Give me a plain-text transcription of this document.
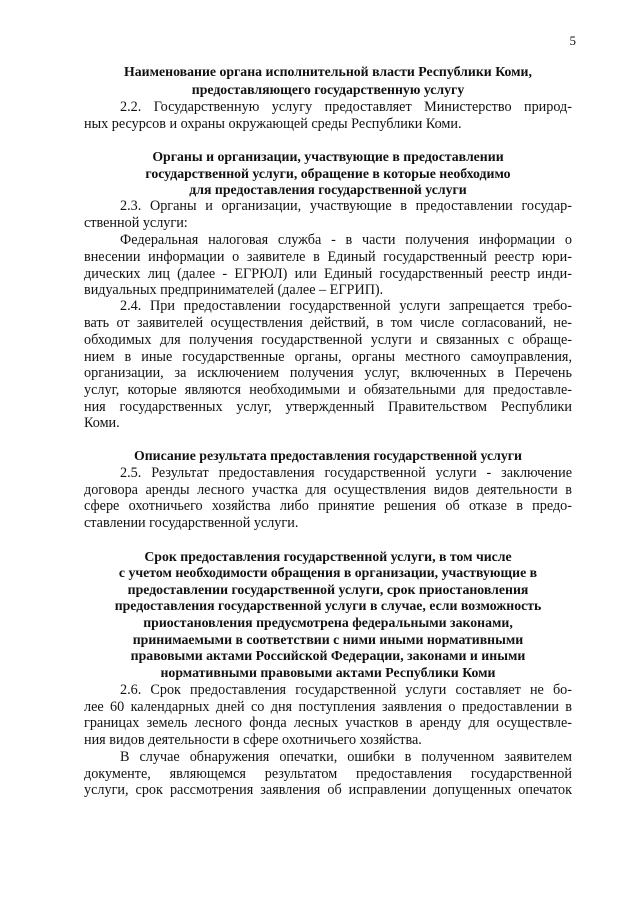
5
Наименование органа исполнительной власти Республики Коми,
предоставляющего государственную услугу
2.2. Государственную услугу предоставляет Министерство природ-
ных ресурсов и охраны окружающей среды Республики Коми.
Органы и организации, участвующие в предоставлении
государственной услуги, обращение в которые необходимо
для предоставления государственной услуги
2.3. Органы и организации, участвующие в предоставлении государ-
ственной услуги:
Федеральная налоговая служба - в части получения информации о
внесении информации о заявителе в Единый государственный реестр юри-
дических лиц (далее - ЕГРЮЛ) или Единый государственный реестр инди-
видуальных предпринимателей (далее – ЕГРИП).
2.4. При предоставлении государственной услуги запрещается требо-
вать от заявителей осуществления действий, в том числе согласований, не-
обходимых для получения государственной услуги и связанных с обраще-
нием в иные государственные органы, органы местного самоуправления,
организации, за исключением получения услуг, включенных в Перечень
услуг, которые являются необходимыми и обязательными для предоставле-
ния государственных услуг, утвержденный Правительством Республики
Коми.
Описание результата предоставления государственной услуги
2.5. Результат предоставления государственной услуги - заключение
договора аренды лесного участка для осуществления видов деятельности в
сфере охотничьего хозяйства либо принятие решения об отказе в предо-
ставлении государственной услуги.
Срок предоставления государственной услуги, в том числе
с учетом необходимости обращения в организации, участвующие в
предоставлении государственной услуги, срок приостановления
предоставления государственной услуги в случае, если возможность
приостановления предусмотрена федеральными законами,
принимаемыми в соответствии с ними иными нормативными
правовыми актами Российской Федерации, законами и иными
нормативными правовыми актами Республики Коми
2.6. Срок предоставления государственной услуги составляет не бо-
лее 60 календарных дней со дня поступления заявления о предоставлении в
границах земель лесного фонда лесных участков в аренду для осуществле-
ния видов деятельности в сфере охотничьего хозяйства.
В случае обнаружения опечатки, ошибки в полученном заявителем
документе, являющемся результатом предоставления государственной
услуги, срок рассмотрения заявления об исправлении допущенных опечаток
